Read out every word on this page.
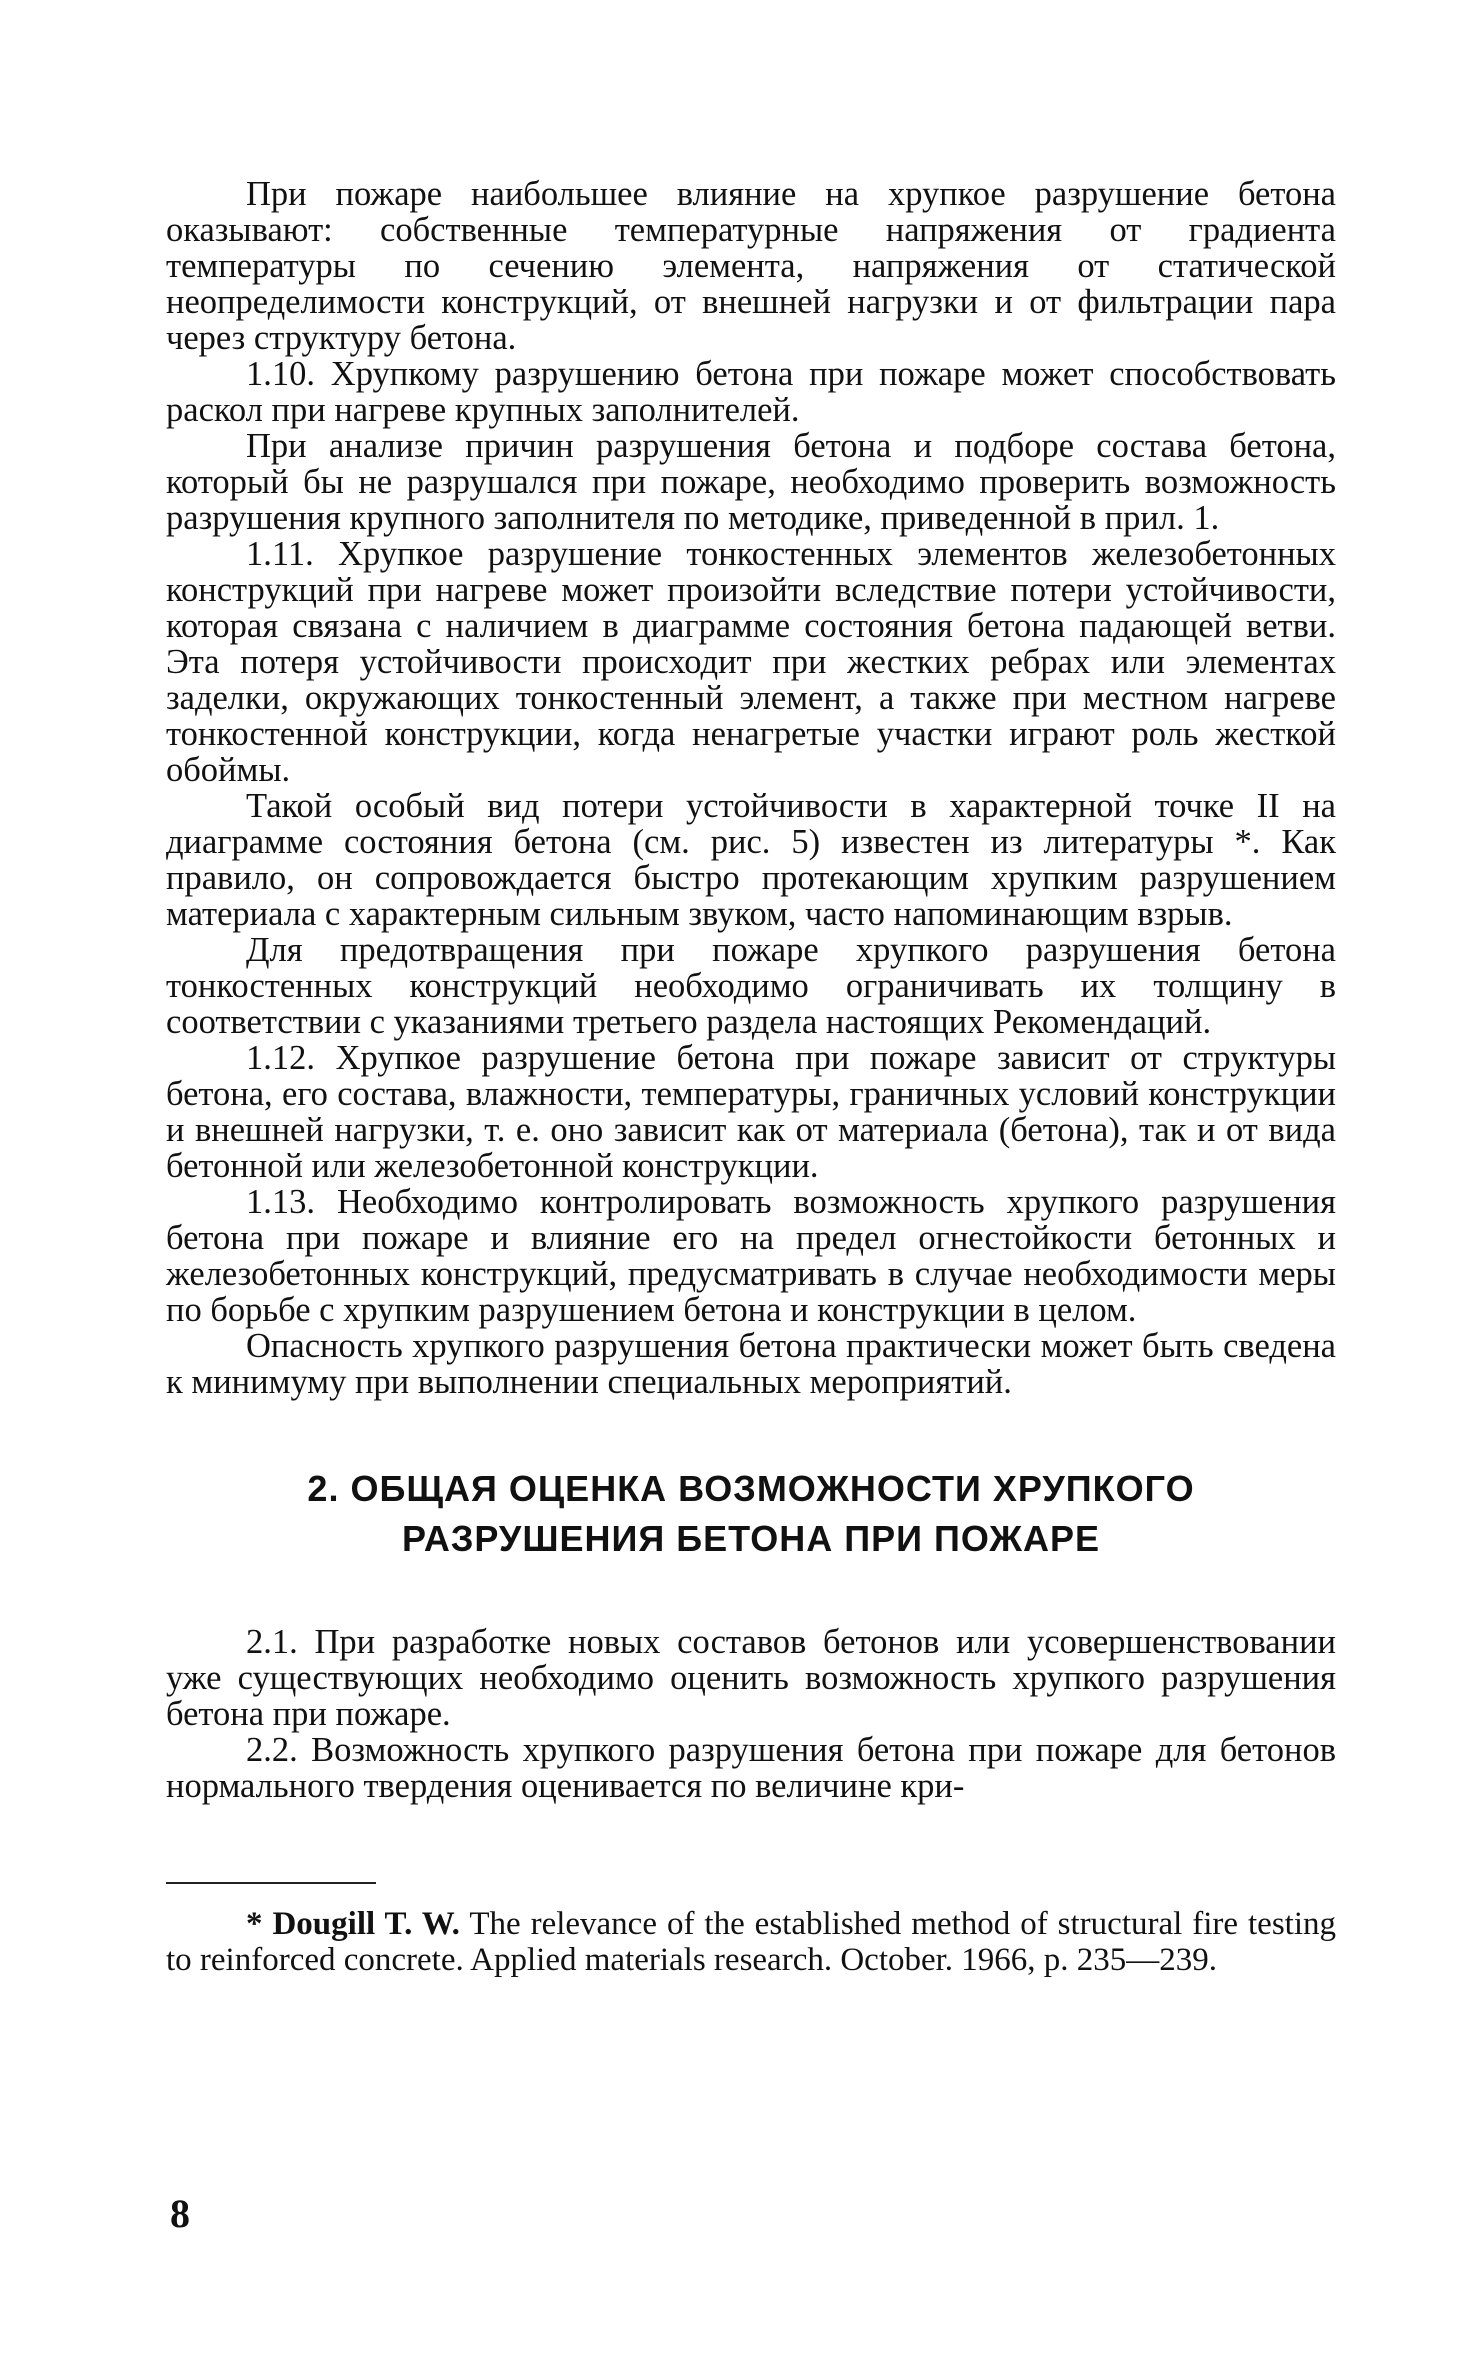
При пожаре наибольшее влияние на хрупкое разрушение бетона оказывают: собственные температурные напряжения от градиента температуры по сечению элемента, напряжения от статической неопределимости конструкций, от внешней нагрузки и от фильтрации пара через структуру бетона.

1.10. Хрупкому разрушению бетона при пожаре может способствовать раскол при нагреве крупных заполнителей.

При анализе причин разрушения бетона и подборе состава бетона, который бы не разрушался при пожаре, необходимо проверить возможность разрушения крупного заполнителя по методике, приведенной в прил. 1.

1.11. Хрупкое разрушение тонкостенных элементов железобетонных конструкций при нагреве может произойти вследствие потери устойчивости, которая связана с наличием в диаграмме состояния бетона падающей ветви. Эта потеря устойчивости происходит при жестких ребрах или элементах заделки, окружающих тонкостенный элемент, а также при местном нагреве тонкостенной конструкции, когда ненагретые участки играют роль жесткой обоймы.

Такой особый вид потери устойчивости в характерной точке II на диаграмме состояния бетона (см. рис. 5) известен из литературы *. Как правило, он сопровождается быстро протекающим хрупким разрушением материала с характерным сильным звуком, часто напоминающим взрыв.

Для предотвращения при пожаре хрупкого разрушения бетона тонкостенных конструкций необходимо ограничивать их толщину в соответствии с указаниями третьего раздела настоящих Рекомендаций.

1.12. Хрупкое разрушение бетона при пожаре зависит от структуры бетона, его состава, влажности, температуры, граничных условий конструкции и внешней нагрузки, т. е. оно зависит как от материала (бетона), так и от вида бетонной или железобетонной конструкции.

1.13. Необходимо контролировать возможность хрупкого разрушения бетона при пожаре и влияние его на предел огнестойкости бетонных и железобетонных конструкций, предусматривать в случае необходимости меры по борьбе с хрупким разрушением бетона и конструкции в целом.

Опасность хрупкого разрушения бетона практически может быть сведена к минимуму при выполнении специальных мероприятий.

2. ОБЩАЯ ОЦЕНКА ВОЗМОЖНОСТИ ХРУПКОГО
РАЗРУШЕНИЯ БЕТОНА ПРИ ПОЖАРЕ

2.1. При разработке новых составов бетонов или усовершенствовании уже существующих необходимо оценить возможность хрупкого разрушения бетона при пожаре.

2.2. Возможность хрупкого разрушения бетона при пожаре для бетонов нормального твердения оценивается по величине кри-

* Dougill T. W. The relevance of the established method of structural fire testing to reinforced concrete. Applied materials research. October. 1966, p. 235—239.

8
